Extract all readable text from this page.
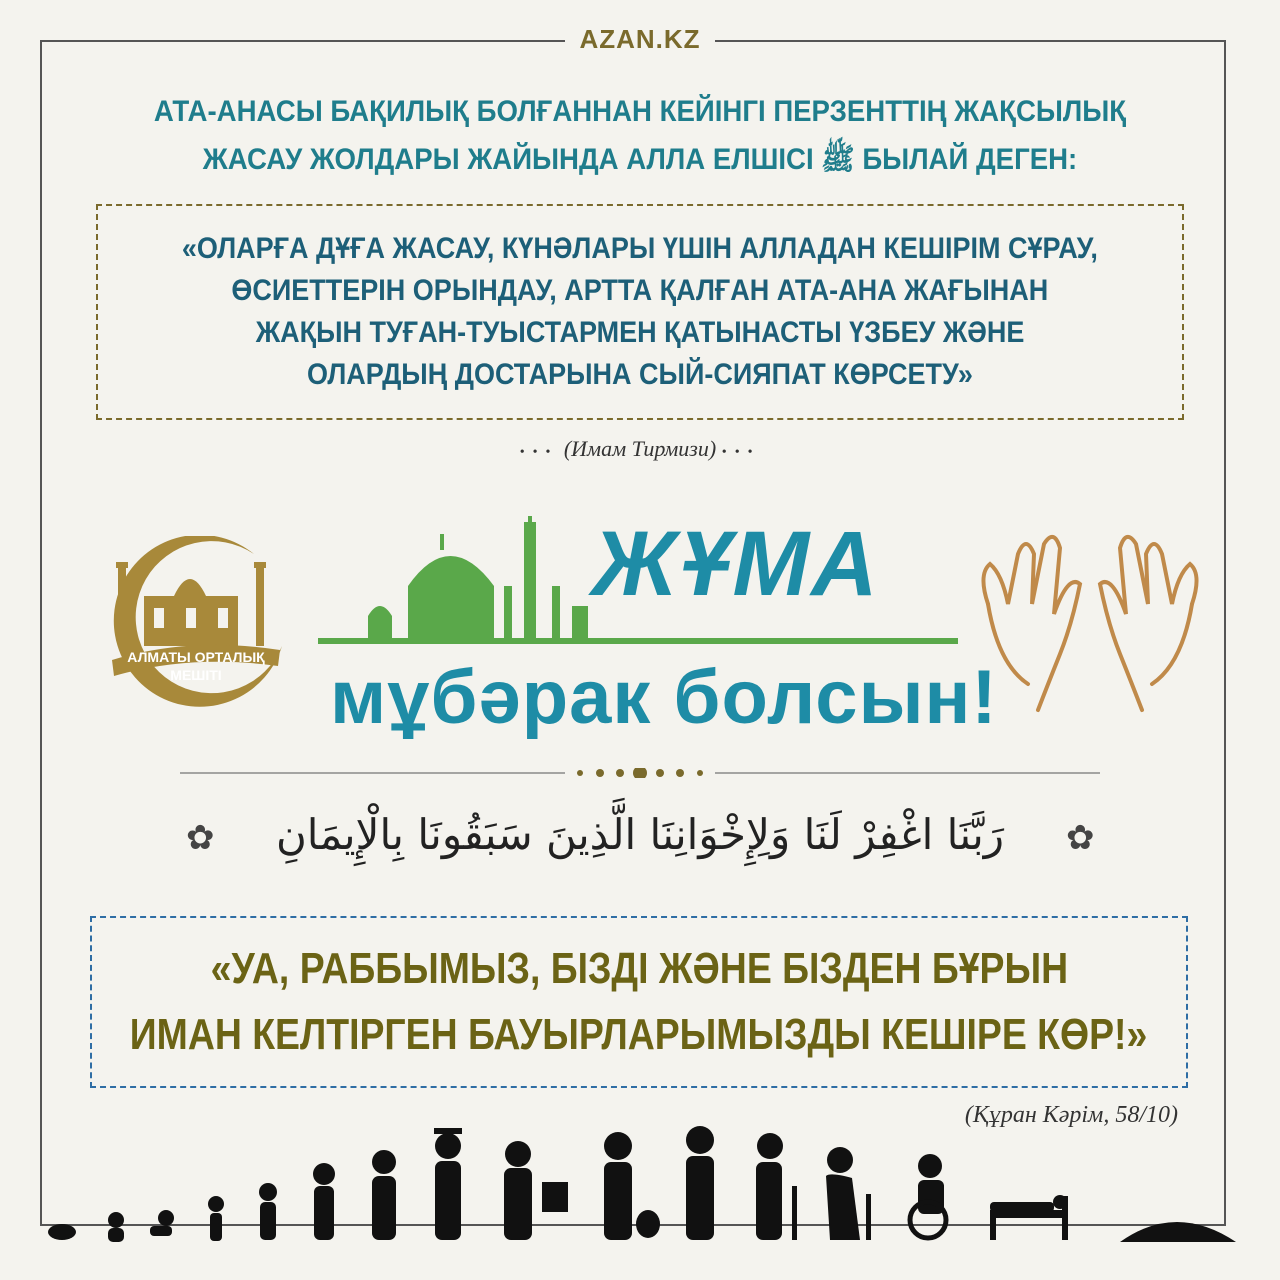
AZAN.KZ
АТА-АНАСЫ БАҚИЛЫҚ БОЛҒАННАН КЕЙІНГІ ПЕРЗЕНТТІҢ ЖАҚСЫЛЫҚ
ЖАСАУ ЖОЛДАРЫ ЖАЙЫНДА АЛЛА ЕЛШІСІ ﷺ БЫЛАЙ ДЕГЕН:
«ОЛАРҒА ДҰҒА ЖАСАУ, КҮНӘЛАРЫ ҮШІН АЛЛАДАН КЕШІРІМ СҰРАУ,
ӨСИЕТТЕРІН ОРЫНДАУ, АРТТА ҚАЛҒАН АТА-АНА ЖАҒЫНАН
ЖАҚЫН ТУҒАН-ТУЫСТАРМЕН ҚАТЫНАСТЫ ҮЗБЕУ ЖӘНЕ
ОЛАРДЫҢ ДОСТАРЫНА СЫЙ-СИЯПАТ КӨРСЕТУ»
••• (Имам Тирмизи) •••
АЛМАТЫ ОРТАЛЫҚ
МЕШІТІ
ЖҰМА
мұбәрак болсын!
✿	رَبَّنَا اغْفِرْ لَنَا وَلِإِخْوَانِنَا الَّذِينَ سَبَقُونَا بِالْإِيمَانِ	✿
«УА, РАББЫМЫЗ, БІЗДІ ЖӘНЕ БІЗДЕН БҰРЫН
ИМАН КЕЛТІРГЕН БАУЫРЛАРЫМЫЗДЫ КЕШІРЕ КӨР!»
(Құран Кәрім, 58/10)
